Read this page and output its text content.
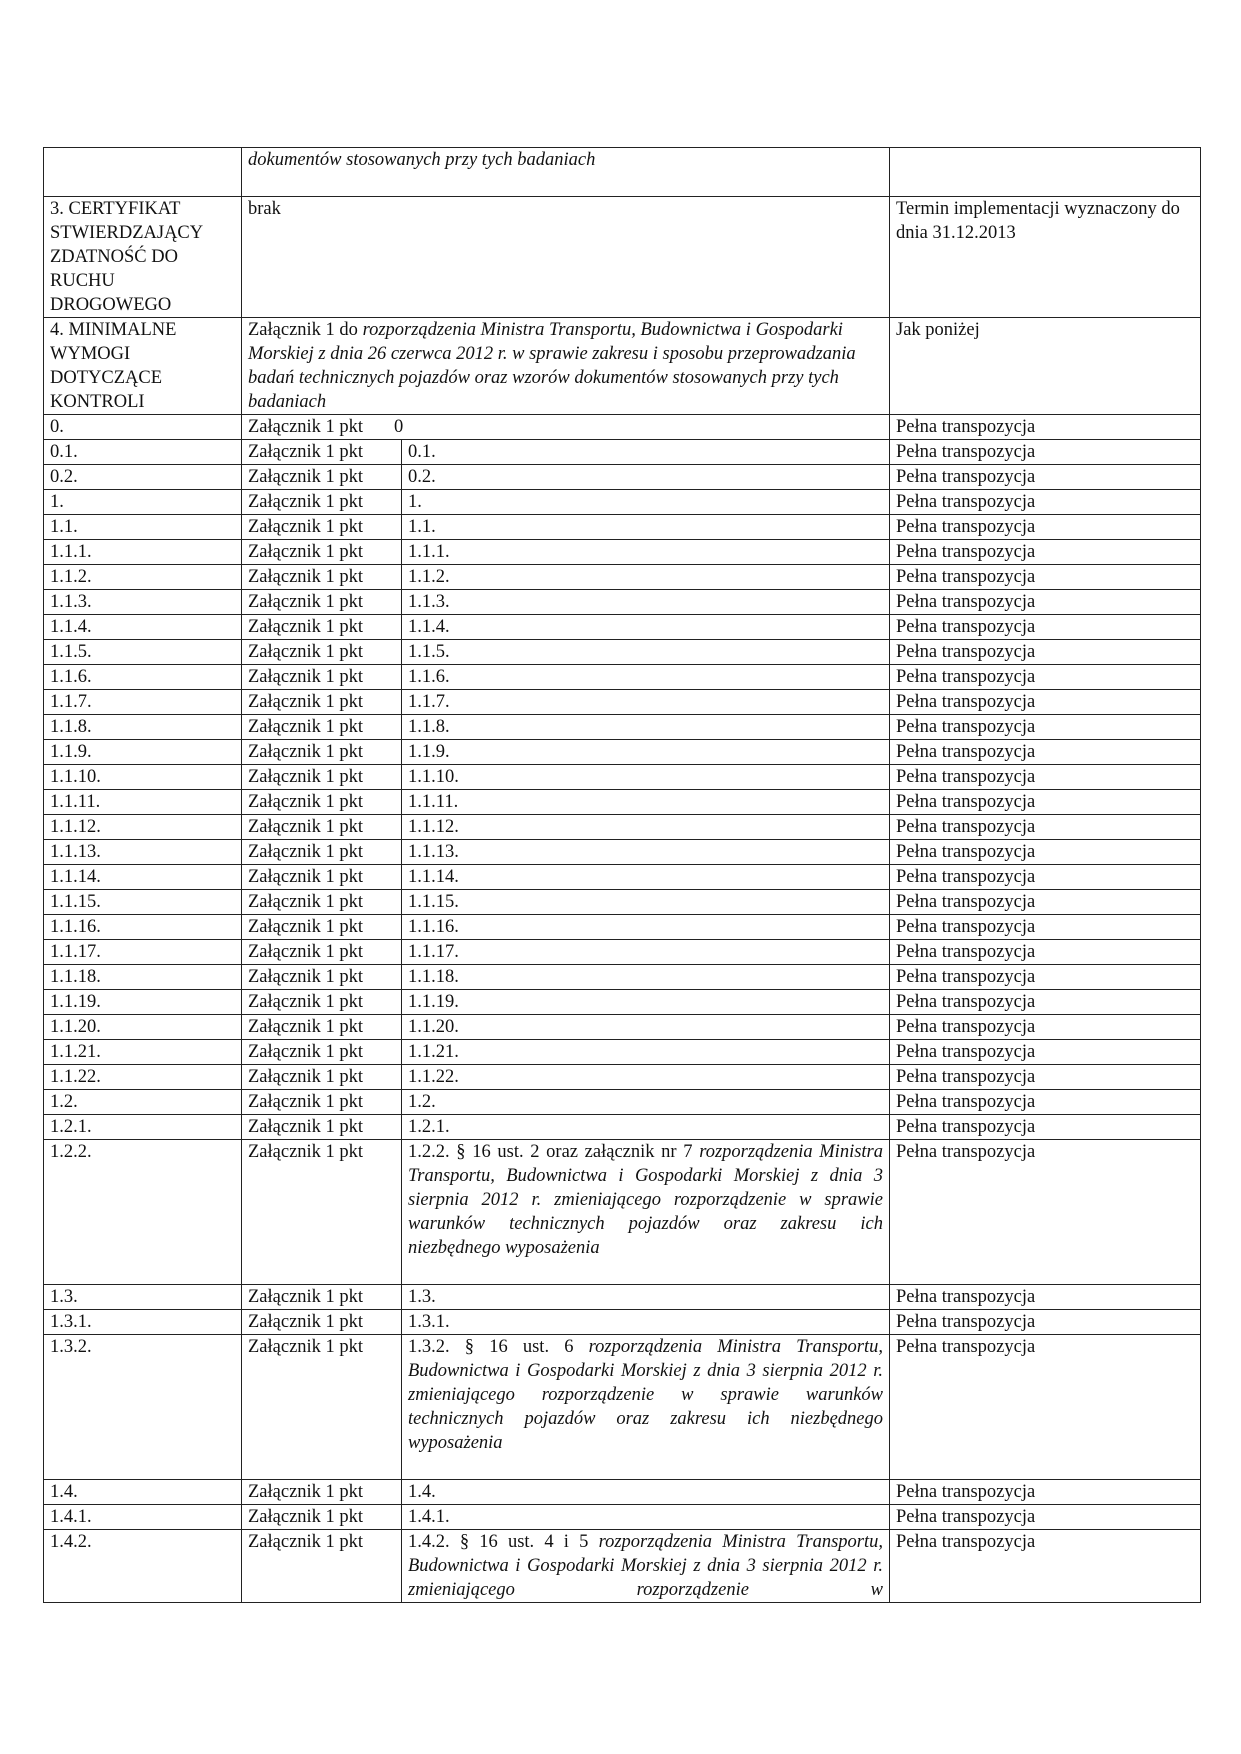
	dokumentów stosowanych przy tych badaniach		
3. CERTYFIKAT STWIERDZAJĄCY ZDATNOŚĆ DO RUCHU DROGOWEGO	brak		Termin implementacji wyznaczony do dnia 31.12.2013
4. MINIMALNE WYMOGI DOTYCZĄCE KONTROLI	Załącznik 1 do rozporządzenia Ministra Transportu, Budownictwa i Gospodarki Morskiej z dnia 26 czerwca 2012 r. w sprawie zakresu i sposobu przeprowadzania badań technicznych pojazdów oraz wzorów dokumentów stosowanych przy tych badaniach		Jak poniżej
0.	Załącznik 1 pkt 0		Pełna transpozycja
0.1.	Załącznik 1 pkt	0.1.	Pełna transpozycja
0.2.	Załącznik 1 pkt	0.2.	Pełna transpozycja
1.	Załącznik 1 pkt	1.	Pełna transpozycja
1.1.	Załącznik 1 pkt	1.1.	Pełna transpozycja
1.1.1.	Załącznik 1 pkt	1.1.1.	Pełna transpozycja
1.1.2.	Załącznik 1 pkt	1.1.2.	Pełna transpozycja
1.1.3.	Załącznik 1 pkt	1.1.3.	Pełna transpozycja
1.1.4.	Załącznik 1 pkt	1.1.4.	Pełna transpozycja
1.1.5.	Załącznik 1 pkt	1.1.5.	Pełna transpozycja
1.1.6.	Załącznik 1 pkt	1.1.6.	Pełna transpozycja
1.1.7.	Załącznik 1 pkt	1.1.7.	Pełna transpozycja
1.1.8.	Załącznik 1 pkt	1.1.8.	Pełna transpozycja
1.1.9.	Załącznik 1 pkt	1.1.9.	Pełna transpozycja
1.1.10.	Załącznik 1 pkt	1.1.10.	Pełna transpozycja
1.1.11.	Załącznik 1 pkt	1.1.11.	Pełna transpozycja
1.1.12.	Załącznik 1 pkt	1.1.12.	Pełna transpozycja
1.1.13.	Załącznik 1 pkt	1.1.13.	Pełna transpozycja
1.1.14.	Załącznik 1 pkt	1.1.14.	Pełna transpozycja
1.1.15.	Załącznik 1 pkt	1.1.15.	Pełna transpozycja
1.1.16.	Załącznik 1 pkt	1.1.16.	Pełna transpozycja
1.1.17.	Załącznik 1 pkt	1.1.17.	Pełna transpozycja
1.1.18.	Załącznik 1 pkt	1.1.18.	Pełna transpozycja
1.1.19.	Załącznik 1 pkt	1.1.19.	Pełna transpozycja
1.1.20.	Załącznik 1 pkt	1.1.20.	Pełna transpozycja
1.1.21.	Załącznik 1 pkt	1.1.21.	Pełna transpozycja
1.1.22.	Załącznik 1 pkt	1.1.22.	Pełna transpozycja
1.2.	Załącznik 1 pkt	1.2.	Pełna transpozycja
1.2.1.	Załącznik 1 pkt	1.2.1.	Pełna transpozycja
1.2.2.	Załącznik 1 pkt	1.2.2. § 16 ust. 2 oraz załącznik nr 7 rozporządzenia Ministra Transportu, Budownictwa i Gospodarki Morskiej z dnia 3 sierpnia 2012 r. zmieniającego rozporządzenie w sprawie warunków technicznych pojazdów oraz zakresu ich niezbędnego wyposażenia	Pełna transpozycja
1.3.	Załącznik 1 pkt	1.3.	Pełna transpozycja
1.3.1.	Załącznik 1 pkt	1.3.1.	Pełna transpozycja
1.3.2.	Załącznik 1 pkt	1.3.2. § 16 ust. 6 rozporządzenia Ministra Transportu, Budownictwa i Gospodarki Morskiej z dnia 3 sierpnia 2012 r. zmieniającego rozporządzenie w sprawie warunków technicznych pojazdów oraz zakresu ich niezbędnego wyposażenia	Pełna transpozycja
1.4.	Załącznik 1 pkt	1.4.	Pełna transpozycja
1.4.1.	Załącznik 1 pkt	1.4.1.	Pełna transpozycja
1.4.2.	Załącznik 1 pkt	1.4.2. § 16 ust. 4 i 5 rozporządzenia Ministra Transportu, Budownictwa i Gospodarki Morskiej z dnia 3 sierpnia 2012 r. zmieniającego rozporządzenie w	Pełna transpozycja
